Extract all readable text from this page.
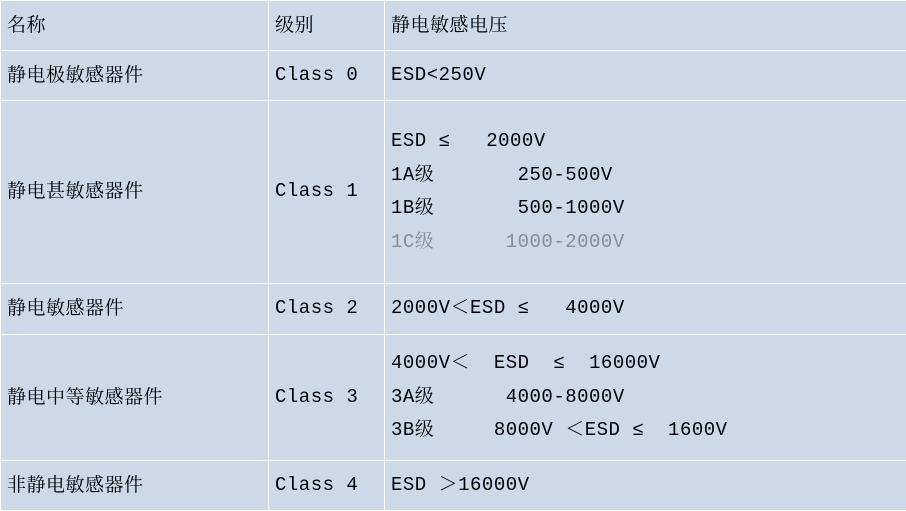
名称	级别	静电敏感电压
静电极敏感器件	Class 0	ESD<250V

静电甚敏感器件	Class 1	ESD ≤   2000V
1A级       250-500V
1B级       500-1000V
1C级      1000-2000V

静电敏感器件	Class 2	2000V＜ESD ≤   4000V

静电中等敏感器件	Class 3	4000V＜  ESD  ≤  16000V
3A级      4000-8000V
3B级     8000V ＜ESD ≤  1600V

非静电敏感器件	Class 4	ESD ＞16000V
